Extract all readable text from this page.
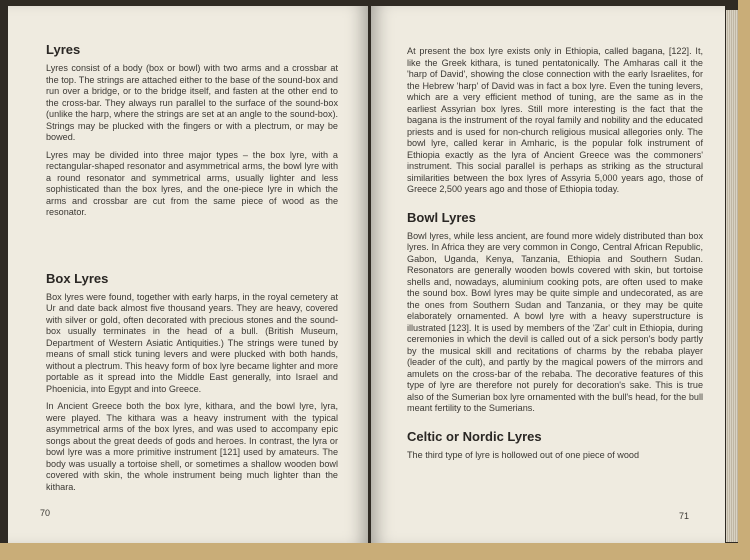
Lyres

Lyres consist of a body (box or bowl) with two arms and a crossbar at the top. The strings are attached either to the base of the sound-box and run over a bridge, or to the bridge itself, and fasten at the other end to the cross-bar. They always run parallel to the surface of the sound-box (unlike the harp, where the strings are set at an angle to the sound-box). Strings may be plucked with the fingers or with a plectrum, or may be bowed.

Lyres may be divided into three major types – the box lyre, with a rectangular-shaped resonator and asymmetrical arms, the bowl lyre with a round resonator and symmetrical arms, usually lighter and less sophisticated than the box lyres, and the one-piece lyre in which the arms and crossbar are cut from the same piece of wood as the resonator.

Box Lyres

Box lyres were found, together with early harps, in the royal cemetery at Ur and date back almost five thousand years. They are heavy, covered with silver or gold, often decorated with precious stones and the sound-box usually terminates in the head of a bull. (British Museum, Department of Western Asiatic Antiquities.) The strings were tuned by means of small stick tuning levers and were plucked with both hands, without a plectrum. This heavy form of box lyre became lighter and more portable as it spread into the Middle East generally, into Israel and Phoenicia, into Egypt and into Greece.

In Ancient Greece both the box lyre, kithara, and the bowl lyre, lyra, were played. The kithara was a heavy instrument with the typical asymmetrical arms of the box lyres, and was used to accompany epic songs about the great deeds of gods and heroes. In contrast, the lyra or bowl lyre was a more primitive instrument [121] used by amateurs. The body was usually a tortoise shell, or sometimes a shallow wooden bowl covered with skin, the whole instrument being much lighter than the kithara.

70

At present the box lyre exists only in Ethiopia, called bagana, [122]. It, like the Greek kithara, is tuned pentatonically. The Amharas call it the 'harp of David', showing the close connection with the early Israelites, for the Hebrew 'harp' of David was in fact a box lyre. Even the tuning levers, which are a very efficient method of tuning, are the same as in the earliest Assyrian box lyres. Still more interesting is the fact that the bagana is the instrument of the royal family and nobility and the educated priests and is used for non-church religious musical allegories only. The bowl lyre, called kerar in Amharic, is the popular folk instrument of Ethiopia exactly as the lyra of Ancient Greece was the commoners' instrument. This social parallel is perhaps as striking as the structural similarities between the box lyres of Assyria 5,000 years ago, those of Greece 2,500 years ago and those of Ethiopia today.

Bowl Lyres

Bowl lyres, while less ancient, are found more widely distributed than box lyres. In Africa they are very common in Congo, Central African Republic, Gabon, Uganda, Kenya, Tanzania, Ethiopia and Southern Sudan. Resonators are generally wooden bowls covered with skin, but tortoise shells and, nowadays, aluminium cooking pots, are often used to make the sound box. Bowl lyres may be quite simple and undecorated, as are the ones from Southern Sudan and Tanzania, or they may be quite elaborately ornamented. A bowl lyre with a heavy superstructure is illustrated [123]. It is used by members of the 'Zar' cult in Ethiopia, during ceremonies in which the devil is called out of a sick person's body partly by the musical skill and recitations of charms by the rebaba player (leader of the cult), and partly by the magical powers of the mirrors and amulets on the cross-bar of the rebaba. The decorative features of this type of lyre are therefore not purely for decoration's sake. This is true also of the Sumerian box lyre ornamented with the bull's head, for the bull meant fertility to the Sumerians.

Celtic or Nordic Lyres

The third type of lyre is hollowed out of one piece of wood

71
